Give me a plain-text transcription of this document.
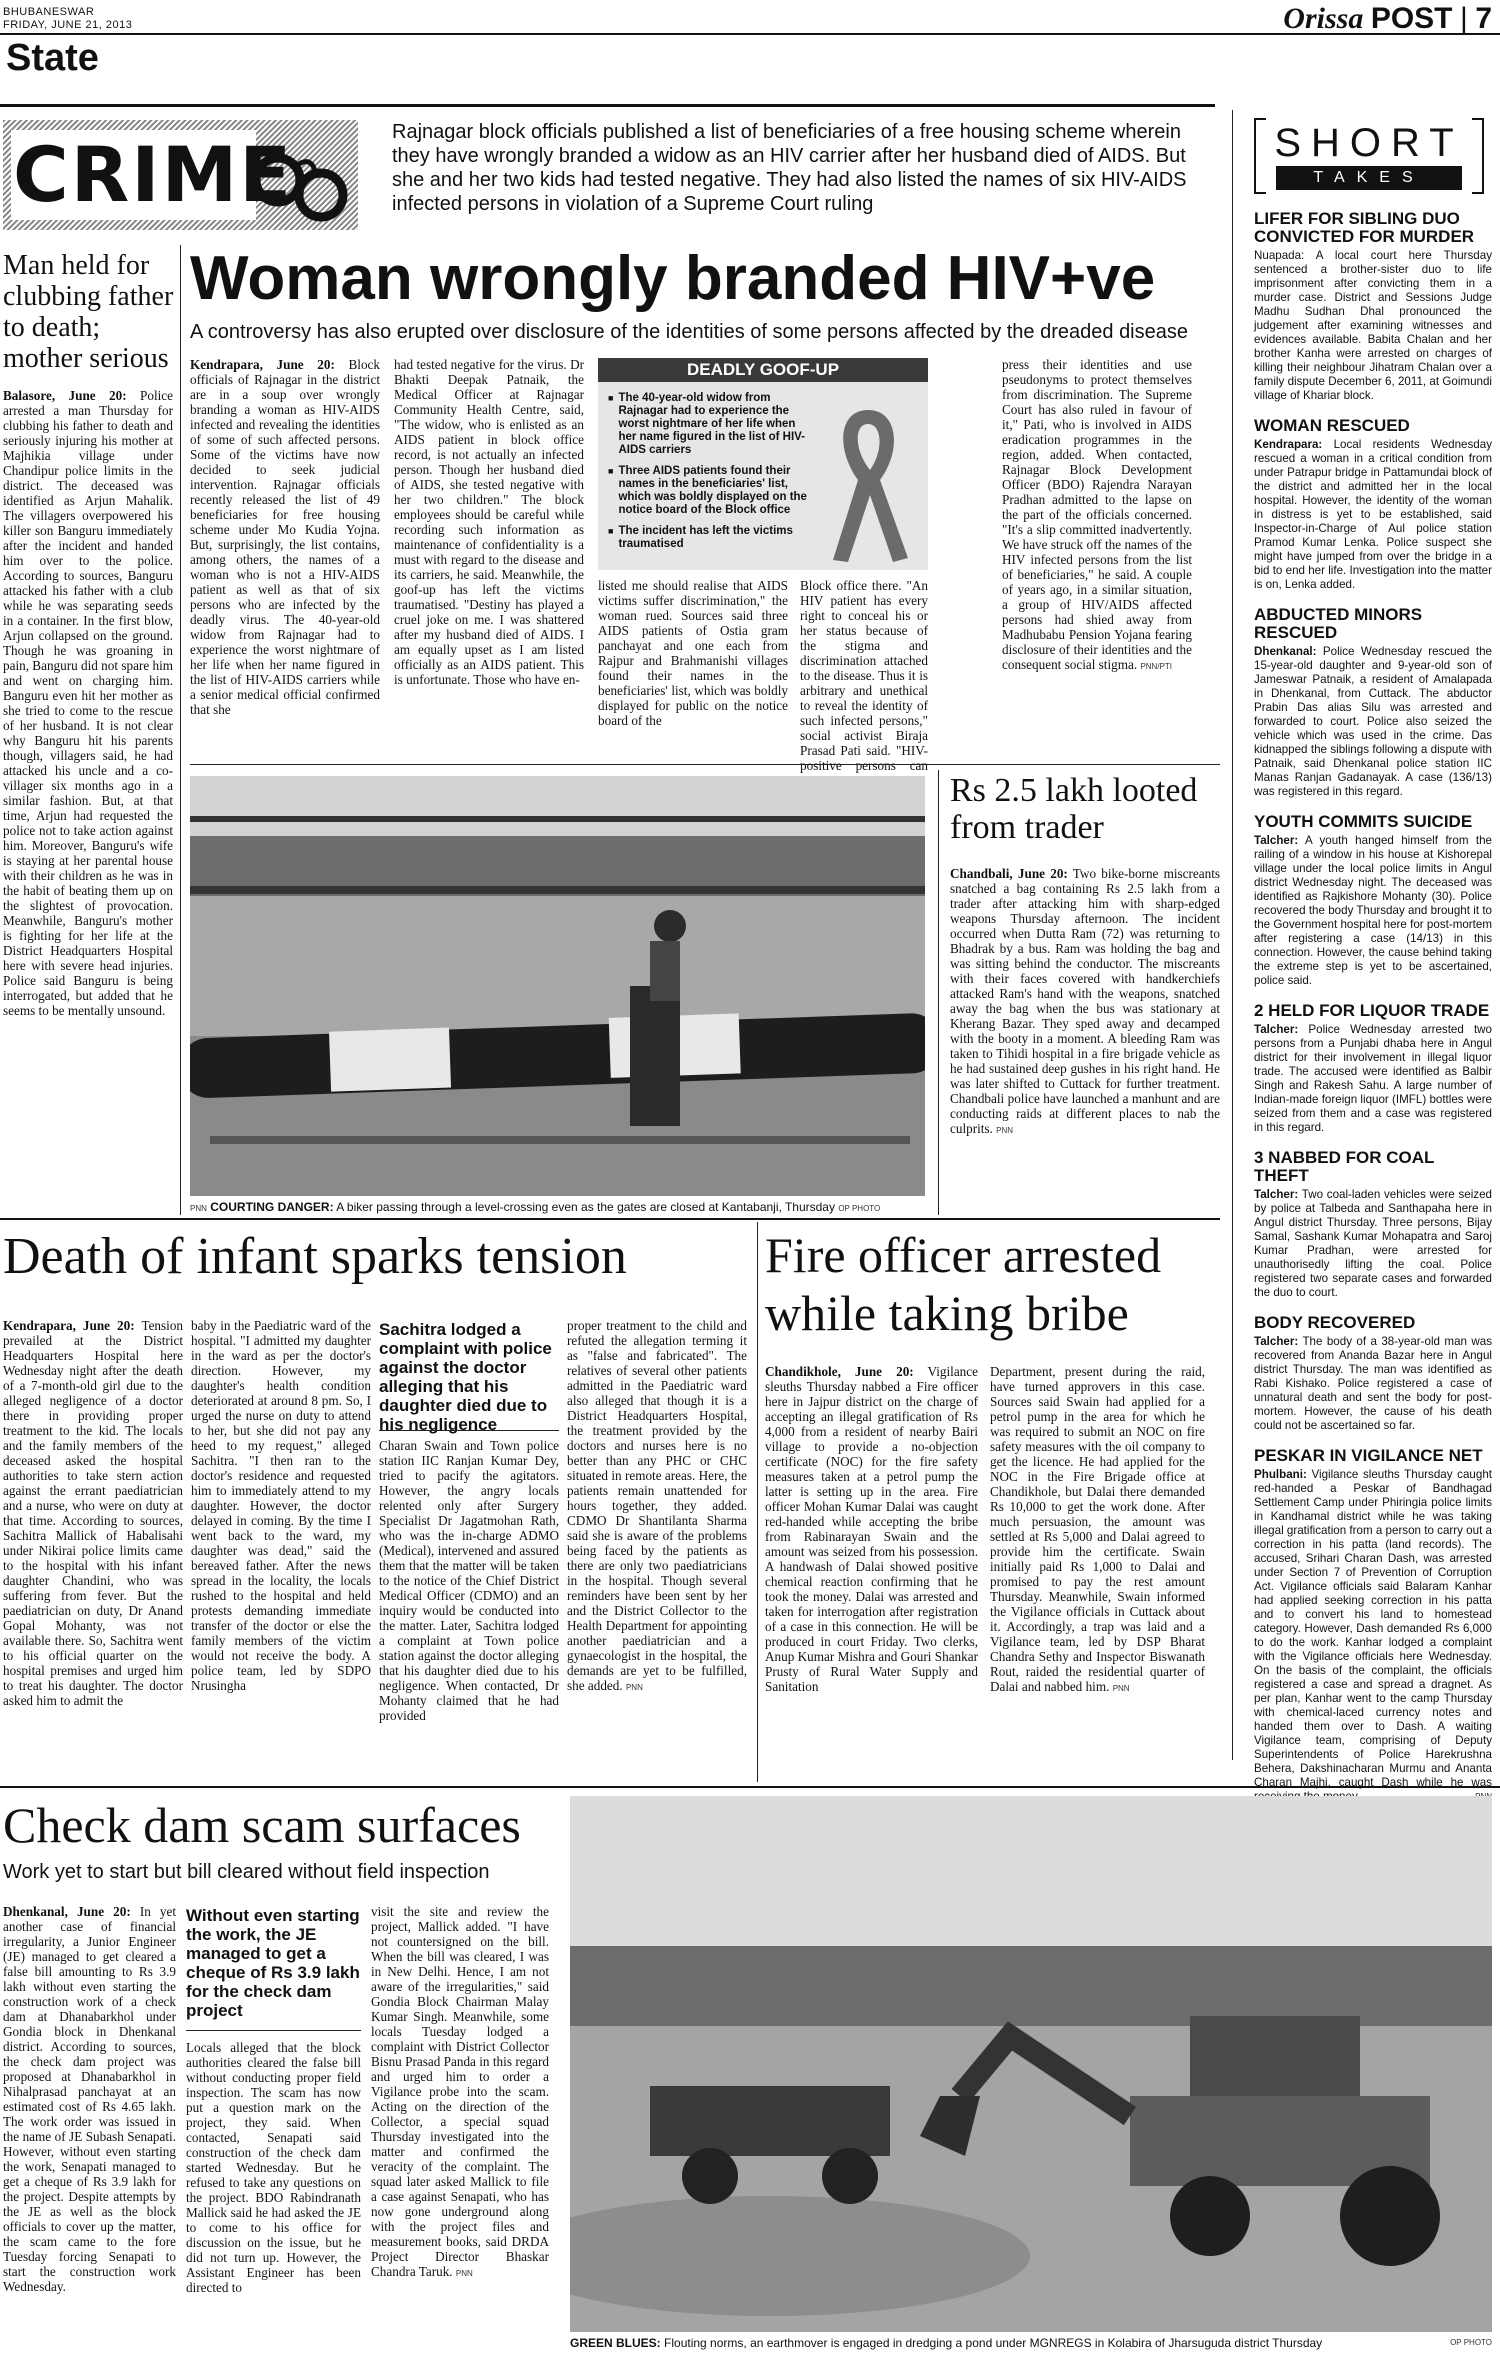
BHUBANESWAR
FRIDAY, JUNE 21, 2013	Orissa POST | 7
State
CRIME	Rajnagar block officials published a list of beneficiaries of a free housing scheme wherein they have wrongly branded a widow as an HIV carrier after her husband died of AIDS. But she and her two kids had tested negative. They had also listed the names of six HIV-AIDS infected persons in violation of a Supreme Court ruling
SHORT
TAKES
LIFER FOR SIBLING DUO CONVICTED FOR MURDER
Nuapada: A local court here Thursday sentenced a brother-sister duo to life imprisonment after convicting them in a murder case. District and Sessions Judge Madhu Sudhan Dhal pronounced the judgement after examining witnesses and evidences available. Babita Chalan and her brother Kanha were arrested on charges of killing their neighbour Jihatram Chalan over a family dispute December 6, 2011, at Goimundi village of Khariar block.
WOMAN RESCUED
Kendrapara: Local residents Wednesday rescued a woman in a critical condition from under Patrapur bridge in Pattamundai block of the district and admitted her in the local hospital. However, the identity of the woman in distress is yet to be established, said Inspector-in-Charge of Aul police station Pramod Kumar Lenka. Police suspect she might have jumped from over the bridge in a bid to end her life. Investigation into the matter is on, Lenka added.
ABDUCTED MINORS RESCUED
Dhenkanal: Police Wednesday rescued the 15-year-old daughter and 9-year-old son of Jameswar Patnaik, a resident of Amalapada in Dhenkanal, from Cuttack. The abductor Prabin Das alias Silu was arrested and forwarded to court. Police also seized the vehicle which was used in the crime. Das kidnapped the siblings following a dispute with Patnaik, said Dhenkanal police station IIC Manas Ranjan Gadanayak. A case (136/13) was registered in this regard.
YOUTH COMMITS SUICIDE
Talcher: A youth hanged himself from the railing of a window in his house at Kishorepal village under the local police limits in Angul district Wednesday night. The deceased was identified as Rajkishore Mohanty (30). Police recovered the body Thursday and brought it to the Government hospital here for post-mortem after registering a case (14/13) in this connection. However, the cause behind taking the extreme step is yet to be ascertained, police said.
2 HELD FOR LIQUOR TRADE
Talcher: Police Wednesday arrested two persons from a Punjabi dhaba here in Angul district for their involvement in illegal liquor trade. The accused were identified as Balbir Singh and Rakesh Sahu. A large number of Indian-made foreign liquor (IMFL) bottles were seized from them and a case was registered in this regard.
3 NABBED FOR COAL THEFT
Talcher: Two coal-laden vehicles were seized by police at Talbeda and Santhapaha here in Angul district Thursday. Three persons, Bijay Samal, Sashank Kumar Mohapatra and Saroj Kumar Pradhan, were arrested for unauthorisedly lifting the coal. Police registered two separate cases and forwarded the duo to court.
BODY RECOVERED
Talcher: The body of a 38-year-old man was recovered from Ananda Bazar here in Angul district Thursday. The man was identified as Rabi Kishako. Police registered a case of unnatural death and sent the body for post-mortem. However, the cause of his death could not be ascertained so far.
PESKAR IN VIGILANCE NET
Phulbani: Vigilance sleuths Thursday caught red-handed a Peskar of Bandhagad Settlement Camp under Phiringia police limits in Kandhamal district while he was taking illegal gratification from a person to carry out a correction in his patta (land records). The accused, Srihari Charan Dash, was arrested under Section 7 of Prevention of Corruption Act. Vigilance officials said Balaram Kanhar had applied seeking correction in his patta and to convert his land to homestead category. However, Dash demanded Rs 6,000 to do the work. Kanhar lodged a complaint with the Vigilance officials here Wednesday. On the basis of the complaint, the officials registered a case and spread a dragnet. As per plan, Kanhar went to the camp Thursday with chemical-laced currency notes and handed them over to Dash. A waiting Vigilance team, comprising of Deputy Superintendents of Police Harekrushna Behera, Dakshinacharan Murmu and Ananta Charan Majhi, caught Dash while he was
Man held for clubbing father to death; mother serious
Balasore, June 20: Police arrested a man Thursday for clubbing his father to death and seriously injuring his mother at Majhikia village under Chandipur police limits in the district. The deceased was identified as Arjun Mahalik. The villagers overpowered his killer son Banguru immediately after the incident and handed him over to the police. According to sources, Banguru attacked his father with a club while he was separating seeds in a container. In the first blow, Arjun collapsed on the ground. Though he was groaning in pain, Banguru did not spare him and went on charging him. Banguru even hit her mother as she tried to come to the rescue of her husband. It is not clear why Banguru hit his parents though, villagers said, he had attacked his uncle and a co-villager six months ago in a similar fashion. But, at that time, Arjun had requested the police not to take action against him. Moreover, Banguru's wife is staying at her parental house with their children as he was in the habit of beating them up on the slightest of provocation. Meanwhile, Banguru's mother is fighting for her life at the District Headquarters Hospital here with severe head injuries. Police said Banguru is being interrogated, but added that he seems to be mentally unsound.
Woman wrongly branded HIV+ve
A controversy has also erupted over disclosure of the identities of some persons affected by the dreaded disease
Kendrapara, June 20: Block officials of Rajnagar in the district are in a soup over wrongly branding a woman as HIV-AIDS infected and revealing the identities of some of such affected persons. Some of the victims have now decided to seek judicial intervention. Rajnagar officials recently released the list of 49 beneficiaries for free housing scheme under Mo Kudia Yojna. But, surprisingly, the list contains, among others, the names of a woman who is not a HIV-AIDS patient as well as that of six persons who are infected by the deadly virus. The 40-year-old widow from Rajnagar had to experience the worst nightmare of her life when her name figured in the list of HIV-AIDS carriers while a senior medical official confirmed that she
had tested negative for the virus. Dr Bhakti Deepak Patnaik, the Medical Officer at Rajnagar Community Health Centre, said, "The widow, who is enlisted as an AIDS patient in block office record, is not actually an infected person. Though her husband died of AIDS, she tested negative with her two children." The block employees should be careful while recording such information as maintenance of confidentiality is a must with regard to the disease and its carriers, he said. Meanwhile, the goof-up has left the victims traumatised. "Destiny has played a cruel joke on me. I was shattered after my husband died of AIDS. I am equally upset as I am listed officially as an AIDS patient. This is unfortunate. Those who have en-
DEADLY GOOF-UP
■ The 40-year-old widow from Rajnagar had to experience the worst nightmare of her life when her name figured in the list of HIV-AIDS carriers
■ Three AIDS patients found their names in the beneficiaries' list, which was boldly displayed on the notice board of the Block office
■ The incident has left the victims traumatised
listed me should realise that AIDS victims suffer discrimination," the woman rued. Sources said three AIDS patients of Ostia gram panchayat and one each from Rajpur and Brahmanishi villages found their names in the beneficiaries' list, which was boldly displayed for public on the notice board of the
Block office there. "An HIV patient has every right to conceal his or her status because of the stigma and discrimination attached to the disease. Thus it is arbitrary and unethical to reveal the identity of such infected persons," social activist Biraja Prasad Pati said. "HIV-positive persons can
press their identities and use pseudonyms to protect themselves from discrimination. The Supreme Court has also ruled in favour of it," Pati, who is involved in AIDS eradication programmes in the region, added. When contacted, Rajnagar Block Development Officer (BDO) Rajendra Narayan Pradhan admitted to the lapse on the part of the officials concerned. "It's a slip committed inadvertently. We have struck off the names of the HIV infected persons from the list of beneficiaries," he said. A couple of years ago, in a similar situation, a group of HIV/AIDS affected persons had shied away from Madhubabu Pension Yojana fearing disclosure of their identities and the consequent social stigma. PNN/PTI
PNN COURTING DANGER: A biker passing through a level-crossing even as the gates are closed at Kantabanji, Thursday OP PHOTO
Rs 2.5 lakh looted from trader
Chandbali, June 20: Two bike-borne miscreants snatched a bag containing Rs 2.5 lakh from a trader after attacking him with sharp-edged weapons Thursday afternoon. The incident occurred when Dutta Ram (72) was returning to Bhadrak by a bus. Ram was holding the bag and was sitting behind the conductor. The miscreants with their faces covered with handkerchiefs attacked Ram's hand with the weapons, snatched away the bag when the bus was stationary at Kherang Bazar. They sped away and decamped with the booty in a moment. A bleeding Ram was taken to Tihidi hospital in a fire brigade vehicle as he had sustained deep gushes in his right hand. He was later shifted to Cuttack for further treatment. Chandbali police have launched a manhunt and are conducting raids at different places to nab the culprits. PNN
Death of infant sparks tension
Kendrapara, June 20: Tension prevailed at the District Headquarters Hospital here Wednesday night after the death of a 7-month-old girl due to the alleged negligence of a doctor there in providing proper treatment to the kid. The locals and the family members of the deceased asked the hospital authorities to take stern action against the errant paediatrician and a nurse, who were on duty at that time. According to sources, Sachitra Mallick of Habalisahi under Nikirai police limits came to the hospital with his infant daughter Chandini, who was suffering from fever. But the paediatrician on duty, Dr Anand Gopal Mohanty, was not available there. So, Sachitra went to his official quarter on the hospital premises and urged him to treat his daughter. The doctor asked him to admit the
baby in the Paediatric ward of the hospital. "I admitted my daughter in the ward as per the doctor's direction. However, my daughter's health condition deteriorated at around 8 pm. So, I urged the nurse on duty to attend to her, but she did not pay any heed to my request," alleged Sachitra. "I then ran to the doctor's residence and requested him to immediately attend to my daughter. However, the doctor delayed in coming. By the time I went back to the ward, my daughter was dead," said the bereaved father. After the news spread in the locality, the locals rushed to the hospital and held protests demanding immediate transfer of the doctor or else the family members of the victim would not receive the body. A police team, led by SDPO Nrusingha
Sachitra lodged a complaint with police against the doctor alleging that his daughter died due to his negligence
Charan Swain and Town police station IIC Ranjan Kumar Dey, tried to pacify the agitators. However, the angry locals relented only after Surgery Specialist Dr Jagatmohan Rath, who was the in-charge ADMO (Medical), intervened and assured them that the matter will be taken to the notice of the Chief District Medical Officer (CDMO) and an inquiry would be conducted into the matter. Later, Sachitra lodged a complaint at Town police station against the doctor alleging that his daughter died due to his negligence. When contacted, Dr Mohanty claimed that he had provided
proper treatment to the child and refuted the allegation terming it as "false and fabricated". The relatives of several other patients admitted in the Paediatric ward also alleged that though it is a District Headquarters Hospital, the treatment provided by the doctors and nurses here is no better than any PHC or CHC situated in remote areas. Here, the patients remain unattended for hours together, they added. CDMO Dr Shantilanta Sharma said she is aware of the problems being faced by the patients as there are only two paediatricians in the hospital. Though several reminders have been sent by her and the District Collector to the Health Department for appointing another paediatrician and a gynaecologist in the hospital, the demands are yet to be fulfilled, she added. PNN
Fire officer arrested while taking bribe
Chandikhole, June 20: Vigilance sleuths Thursday nabbed a Fire officer here in Jajpur district on the charge of accepting an illegal gratification of Rs 4,000 from a resident of nearby Bairi village to provide a no-objection certificate (NOC) for the fire safety measures taken at a petrol pump the latter is setting up in the area. Fire officer Mohan Kumar Dalai was caught red-handed while accepting the bribe from Rabinarayan Swain and the amount was seized from his possession. A handwash of Dalai showed positive chemical reaction confirming that he took the money. Dalai was arrested and taken for interrogation after registration of a case in this connection. He will be produced in court Friday. Two clerks, Anup Kumar Mishra and Gouri Shankar Prusty of Rural Water Supply and Sanitation
Department, present during the raid, have turned approvers in this case. Sources said Swain had applied for a petrol pump in the area for which he was required to submit an NOC on fire safety measures with the oil company to get the licence. He had applied for the NOC in the Fire Brigade office at Chandikhole, but Dalai there demanded Rs 10,000 to get the work done. After much persuasion, the amount was settled at Rs 5,000 and Dalai agreed to provide him the certificate. Swain initially paid Rs 1,000 to Dalai and promised to pay the rest amount Thursday. Meanwhile, Swain informed the Vigilance officials in Cuttack about it. Accordingly, a trap was laid and a Vigilance team, led by DSP Bharat Chandra Sethy and Inspector Biswanath Rout, raided the residential quarter of Dalai and nabbed him. PNN
Check dam scam surfaces
Work yet to start but bill cleared without field inspection
Dhenkanal, June 20: In yet another case of financial irregularity, a Junior Engineer (JE) managed to get cleared a false bill amounting to Rs 3.9 lakh without even starting the construction work of a check dam at Dhanabarkhol under Gondia block in Dhenkanal district. According to sources, the check dam project was proposed at Dhanabarkhol in Nihalprasad panchayat at an estimated cost of Rs 4.65 lakh. The work order was issued in the name of JE Subash Senapati. However, without even starting the work, Senapati managed to get a cheque of Rs 3.9 lakh for the project. Despite attempts by the JE as well as the block officials to cover up the matter, the scam came to the fore Tuesday forcing Senapati to start the construction work Wednesday.
Without even starting the work, the JE managed to get a cheque of Rs 3.9 lakh for the check dam project
Locals alleged that the block authorities cleared the false bill without conducting proper field inspection. The scam has now put a question mark on the project, they said. When contacted, Senapati said construction of the check dam started Wednesday. But he refused to take any questions on the project. BDO Rabindranath Mallick said he had asked the JE to come to his office for discussion on the issue, but he did not turn up. However, the Assistant Engineer has been directed to
visit the site and review the project, Mallick added. "I have not countersigned on the bill. When the bill was cleared, I was in New Delhi. Hence, I am not aware of the irregularities," said Gondia Block Chairman Malay Kumar Singh. Meanwhile, some locals Tuesday lodged a complaint with District Collector Bisnu Prasad Panda in this regard and urged him to order a Vigilance probe into the scam. Acting on the direction of the Collector, a special squad Thursday investigated into the matter and confirmed the veracity of the complaint. The squad later asked Mallick to file a case against Senapati, who has now gone underground along with the project files and measurement books, said DRDA Project Director Bhaskar Chandra Taruk. PNN
GREEN BLUES: Flouting norms, an earthmover is engaged in dredging a pond under MGNREGS in Kolabira of Jharsuguda district Thursday	OP PHOTO
